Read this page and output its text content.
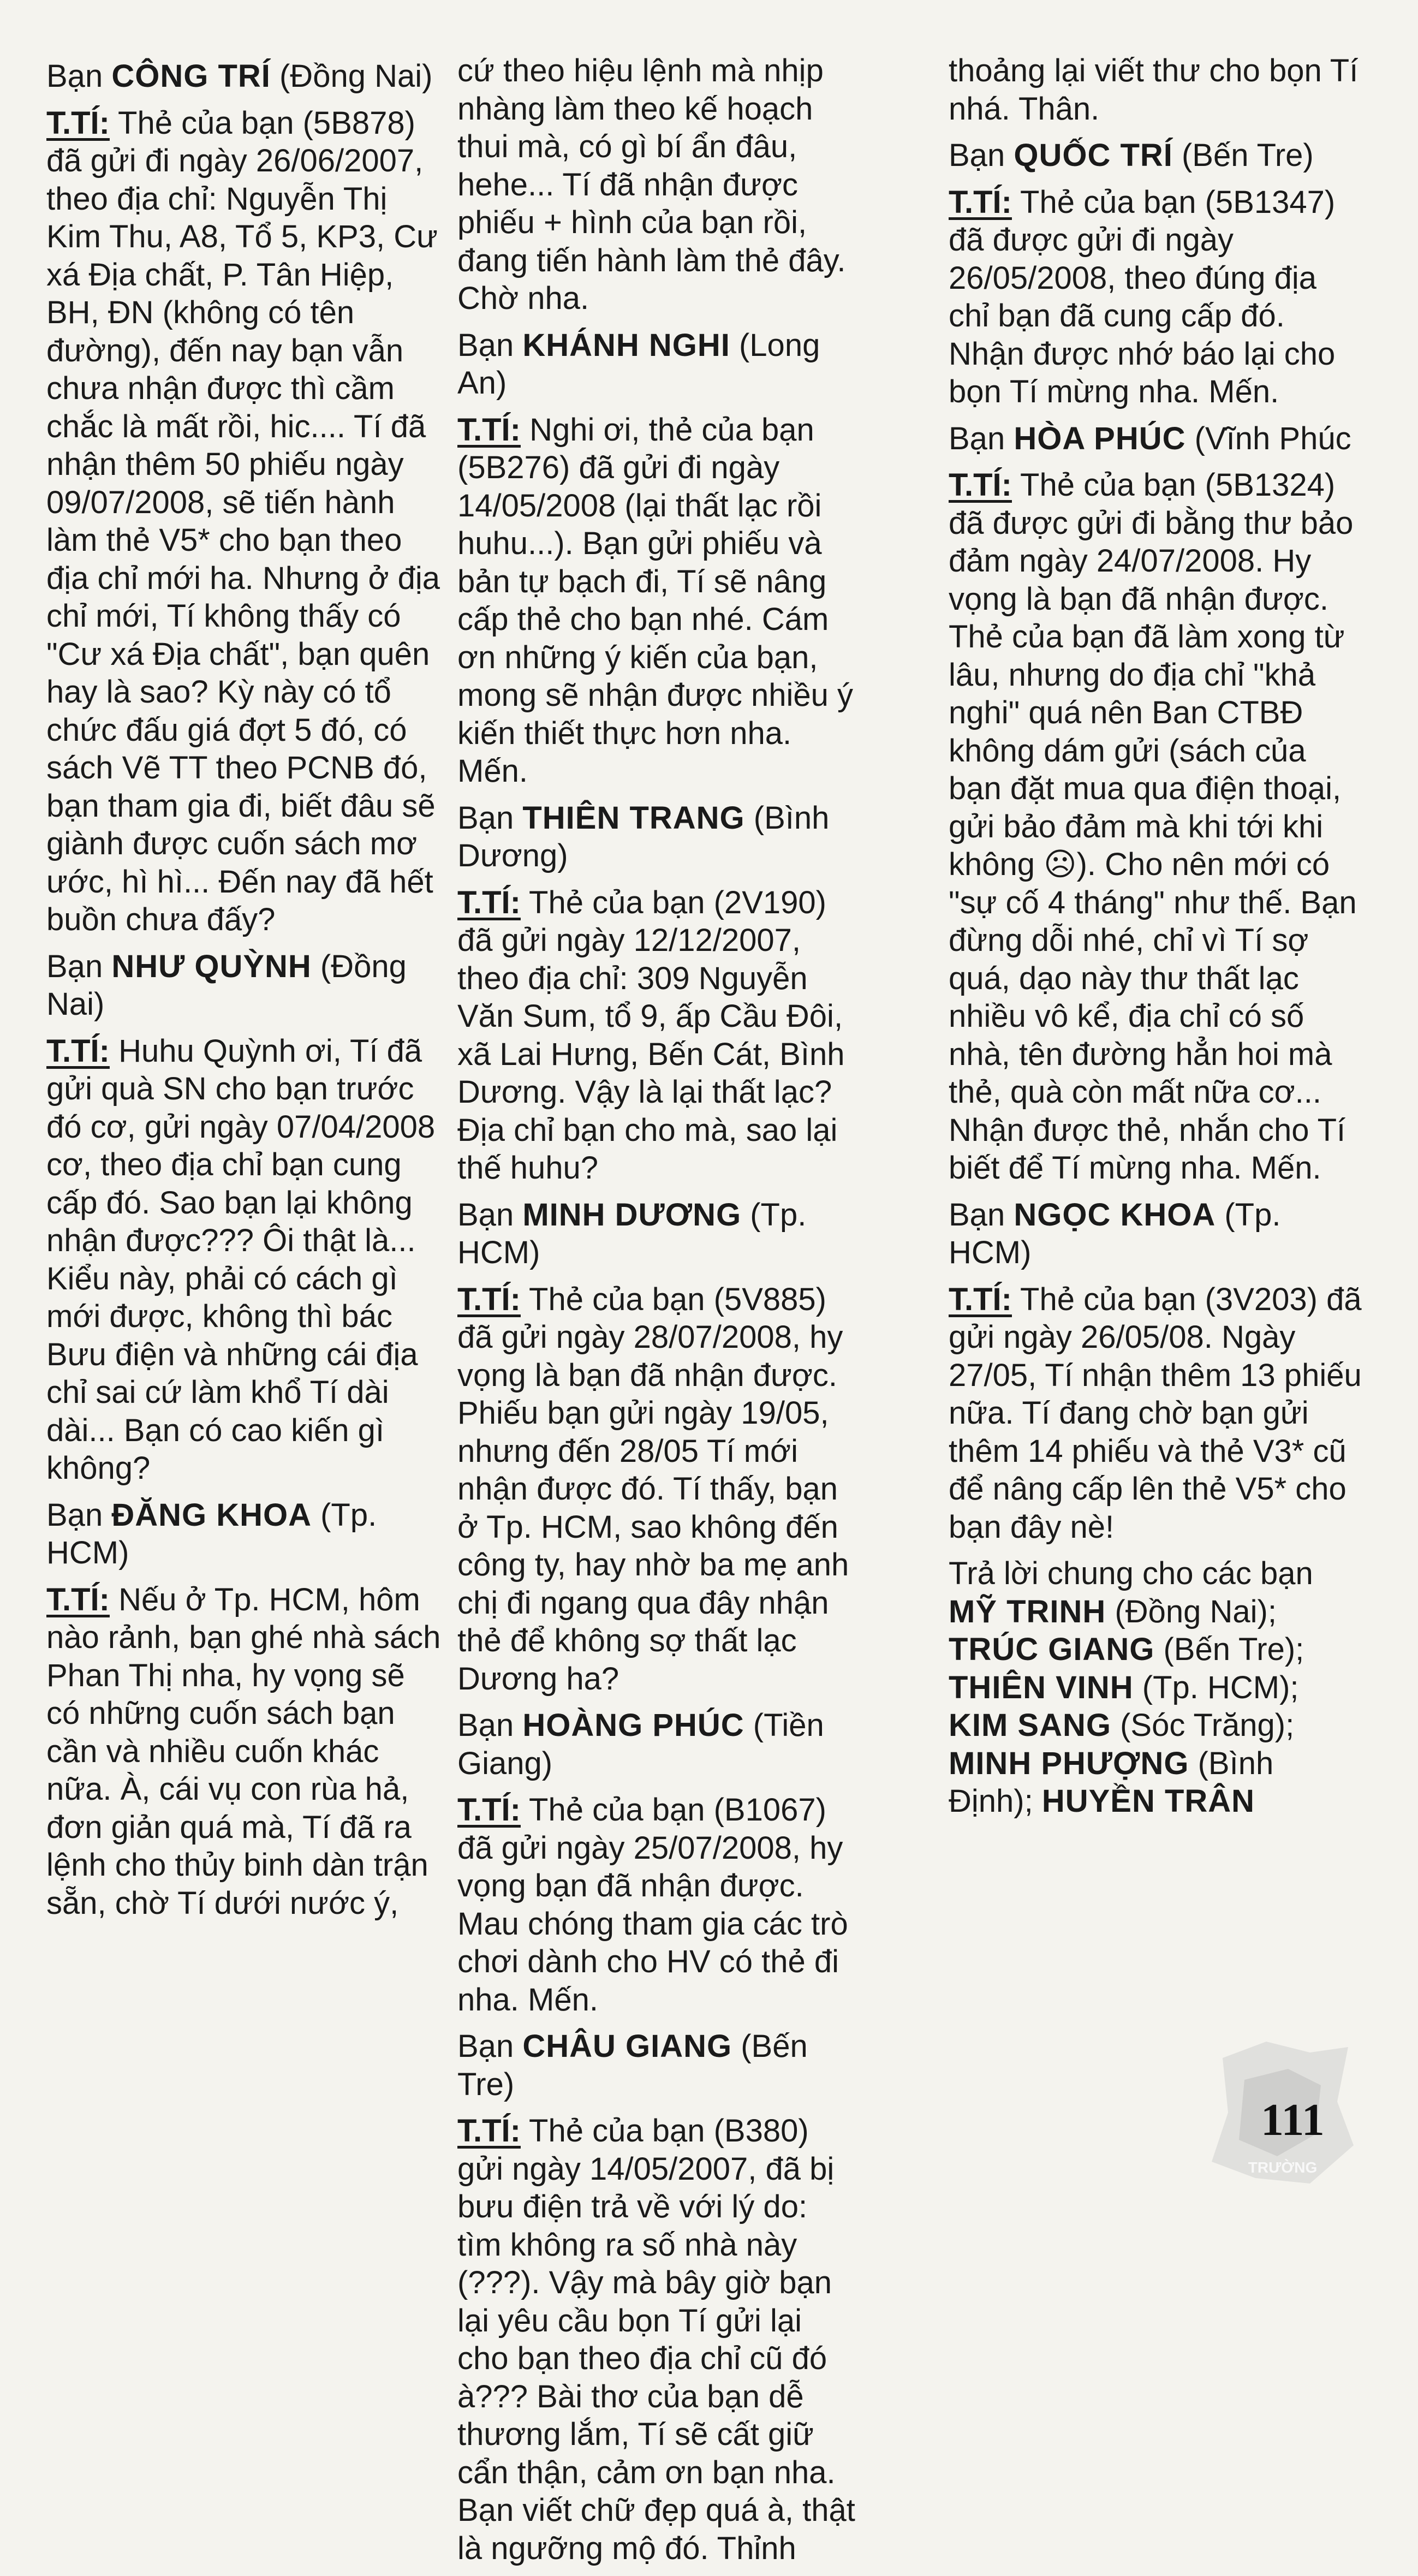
Bạn CÔNG TRÍ (Đồng Nai)

T.TÍ: Thẻ của bạn (5B878) đã gửi đi ngày 26/06/2007, theo địa chỉ: Nguyễn Thị Kim Thu, A8, Tổ 5, KP3, Cư xá Địa chất, P. Tân Hiệp, BH, ĐN (không có tên đường), đến nay bạn vẫn chưa nhận được thì cầm chắc là mất rồi, hic.... Tí đã nhận thêm 50 phiếu ngày 09/07/2008, sẽ tiến hành làm thẻ V5* cho bạn theo địa chỉ mới ha. Nhưng ở địa chỉ mới, Tí không thấy có "Cư xá Địa chất", bạn quên hay là sao? Kỳ này có tổ chức đấu giá đợt 5 đó, có sách Vẽ TT theo PCNB đó, bạn tham gia đi, biết đâu sẽ giành được cuốn sách mơ ước, hì hì... Đến nay đã hết buồn chưa đấy?

Bạn NHƯ QUỲNH (Đồng Nai)

T.TÍ: Huhu Quỳnh ơi, Tí đã gửi quà SN cho bạn trước đó cơ, gửi ngày 07/04/2008 cơ, theo địa chỉ bạn cung cấp đó. Sao bạn lại không nhận được??? Ôi thật là... Kiểu này, phải có cách gì mới được, không thì bác Bưu điện và những cái địa chỉ sai cứ làm khổ Tí dài dài... Bạn có cao kiến gì không?

Bạn ĐĂNG KHOA (Tp. HCM)

T.TÍ: Nếu ở Tp. HCM, hôm nào rảnh, bạn ghé nhà sách Phan Thị nha, hy vọng sẽ có những cuốn sách bạn cần và nhiều cuốn khác nữa. À, cái vụ con rùa hả, đơn giản quá mà, Tí đã ra lệnh cho thủy binh dàn trận sẵn, chờ Tí dưới nước ý,

cứ theo hiệu lệnh mà nhịp nhàng làm theo kế hoạch thui mà, có gì bí ẩn đâu, hehe... Tí đã nhận được phiếu + hình của bạn rồi, đang tiến hành làm thẻ đây. Chờ nha.

Bạn KHÁNH NGHI (Long An)

T.TÍ: Nghi ơi, thẻ của bạn (5B276) đã gửi đi ngày 14/05/2008 (lại thất lạc rồi huhu...). Bạn gửi phiếu và bản tự bạch đi, Tí sẽ nâng cấp thẻ cho bạn nhé. Cám ơn những ý kiến của bạn, mong sẽ nhận được nhiều ý kiến thiết thực hơn nha. Mến.

Bạn THIÊN TRANG (Bình Dương)

T.TÍ: Thẻ của bạn (2V190) đã gửi ngày 12/12/2007, theo địa chỉ: 309 Nguyễn Văn Sum, tổ 9, ấp Cầu Đôi, xã Lai Hưng, Bến Cát, Bình Dương. Vậy là lại thất lạc? Địa chỉ bạn cho mà, sao lại thế huhu?

Bạn MINH DƯƠNG (Tp. HCM)

T.TÍ: Thẻ của bạn (5V885) đã gửi ngày 28/07/2008, hy vọng là bạn đã nhận được. Phiếu bạn gửi ngày 19/05, nhưng đến 28/05 Tí mới nhận được đó. Tí thấy, bạn ở Tp. HCM, sao không đến công ty, hay nhờ ba mẹ anh chị đi ngang qua đây nhận thẻ để không sợ thất lạc Dương ha?

Bạn HOÀNG PHÚC (Tiền Giang)

T.TÍ: Thẻ của bạn (B1067) đã gửi ngày 25/07/2008, hy vọng bạn đã nhận được. Mau chóng tham gia các trò chơi dành cho HV có thẻ đi nha. Mến.

Bạn CHÂU GIANG (Bến Tre)

T.TÍ: Thẻ của bạn (B380) gửi ngày 14/05/2007, đã bị bưu điện trả về với lý do: tìm không ra số nhà này (???). Vậy mà bây giờ bạn lại yêu cầu bọn Tí gửi lại cho bạn theo địa chỉ cũ đó à??? Bài thơ của bạn dễ thương lắm, Tí sẽ cất giữ cẩn thận, cảm ơn bạn nha. Bạn viết chữ đẹp quá à, thật là ngưỡng mộ đó. Thỉnh

thoảng lại viết thư cho bọn Tí nhá. Thân.

Bạn QUỐC TRÍ (Bến Tre)

T.TÍ: Thẻ của bạn (5B1347) đã được gửi đi ngày 26/05/2008, theo đúng địa chỉ bạn đã cung cấp đó. Nhận được nhớ báo lại cho bọn Tí mừng nha. Mến.

Bạn HÒA PHÚC (Vĩnh Phúc

T.TÍ: Thẻ của bạn (5B1324) đã được gửi đi bằng thư bảo đảm ngày 24/07/2008. Hy vọng là bạn đã nhận được. Thẻ của bạn đã làm xong từ lâu, nhưng do địa chỉ "khả nghi" quá nên Ban CTBĐ không dám gửi (sách của bạn đặt mua qua điện thoại, gửi bảo đảm mà khi tới khi không ☹). Cho nên mới có "sự cố 4 tháng" như thế. Bạn đừng dỗi nhé, chỉ vì Tí sợ quá, dạo này thư thất lạc nhiều vô kể, địa chỉ có số nhà, tên đường hẳn hoi mà thẻ, quà còn mất nữa cơ... Nhận được thẻ, nhắn cho Tí biết để Tí mừng nha. Mến.

Bạn NGỌC KHOA (Tp. HCM)

T.TÍ: Thẻ của bạn (3V203) đã gửi ngày 26/05/08. Ngày 27/05, Tí nhận thêm 13 phiếu nữa. Tí đang chờ bạn gửi thêm 14 phiếu và thẻ V3* cũ để nâng cấp lên thẻ V5* cho bạn đây nè!

Trả lời chung cho các bạn MỸ TRINH (Đồng Nai); TRÚC GIANG (Bến Tre); THIÊN VINH (Tp. HCM); KIM SANG (Sóc Trăng); MINH PHƯỢNG (Bình Định); HUYỀN TRÂN

TRƯỜNG
111
